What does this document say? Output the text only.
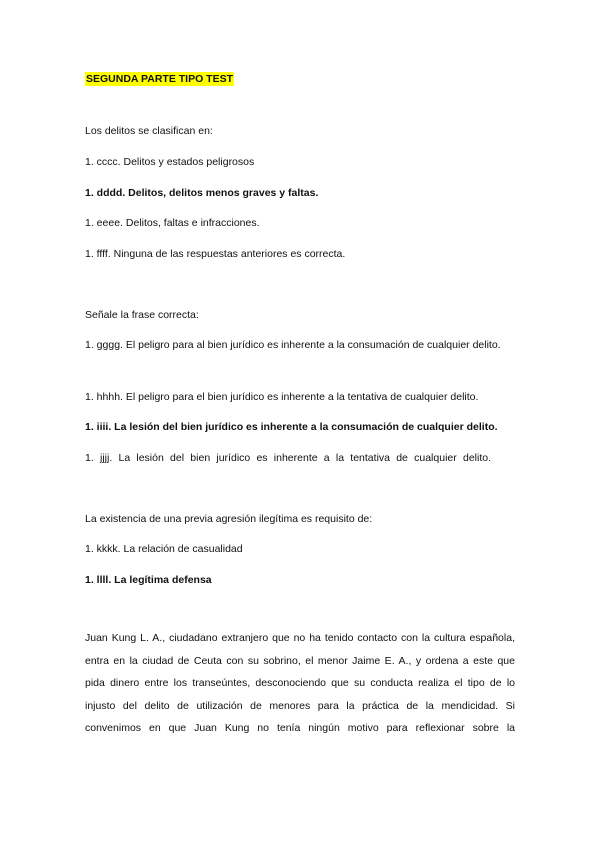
SEGUNDA PARTE TIPO TEST

Los delitos se clasifican en:

1. cccc. Delitos y estados peligrosos

1. dddd. Delitos, delitos menos graves y faltas.

1. eeee. Delitos, faltas e infracciones.

1. ffff. Ninguna de las respuestas anteriores es correcta.

Señale la frase correcta:

1. gggg. El peligro para al bien jurídico es inherente a la consumación de cualquier delito.

1. hhhh. El peligro para el bien jurídico es inherente a la tentativa de cualquier delito.

1. iiii. La lesión del bien jurídico es inherente a la consumación de cualquier delito.

1. jjjj. La lesión del bien jurídico es inherente a la tentativa de cualquier delito.

La existencia de una previa agresión ilegítima es requisito de:

1. kkkk. La relación de casualidad

1. llll. La legítima defensa

Juan Kung L. A., ciudadano extranjero que no ha tenido contacto con la cultura española,

entra en la ciudad de Ceuta con su sobrino, el menor Jaime E. A., y ordena a este que

pida dinero entre los transeúntes, desconociendo que su conducta realiza el tipo de lo

injusto del delito de utilización de menores para la práctica de la mendicidad. Si

convenimos en que Juan Kung no tenía ningún motivo para reflexionar sobre la
